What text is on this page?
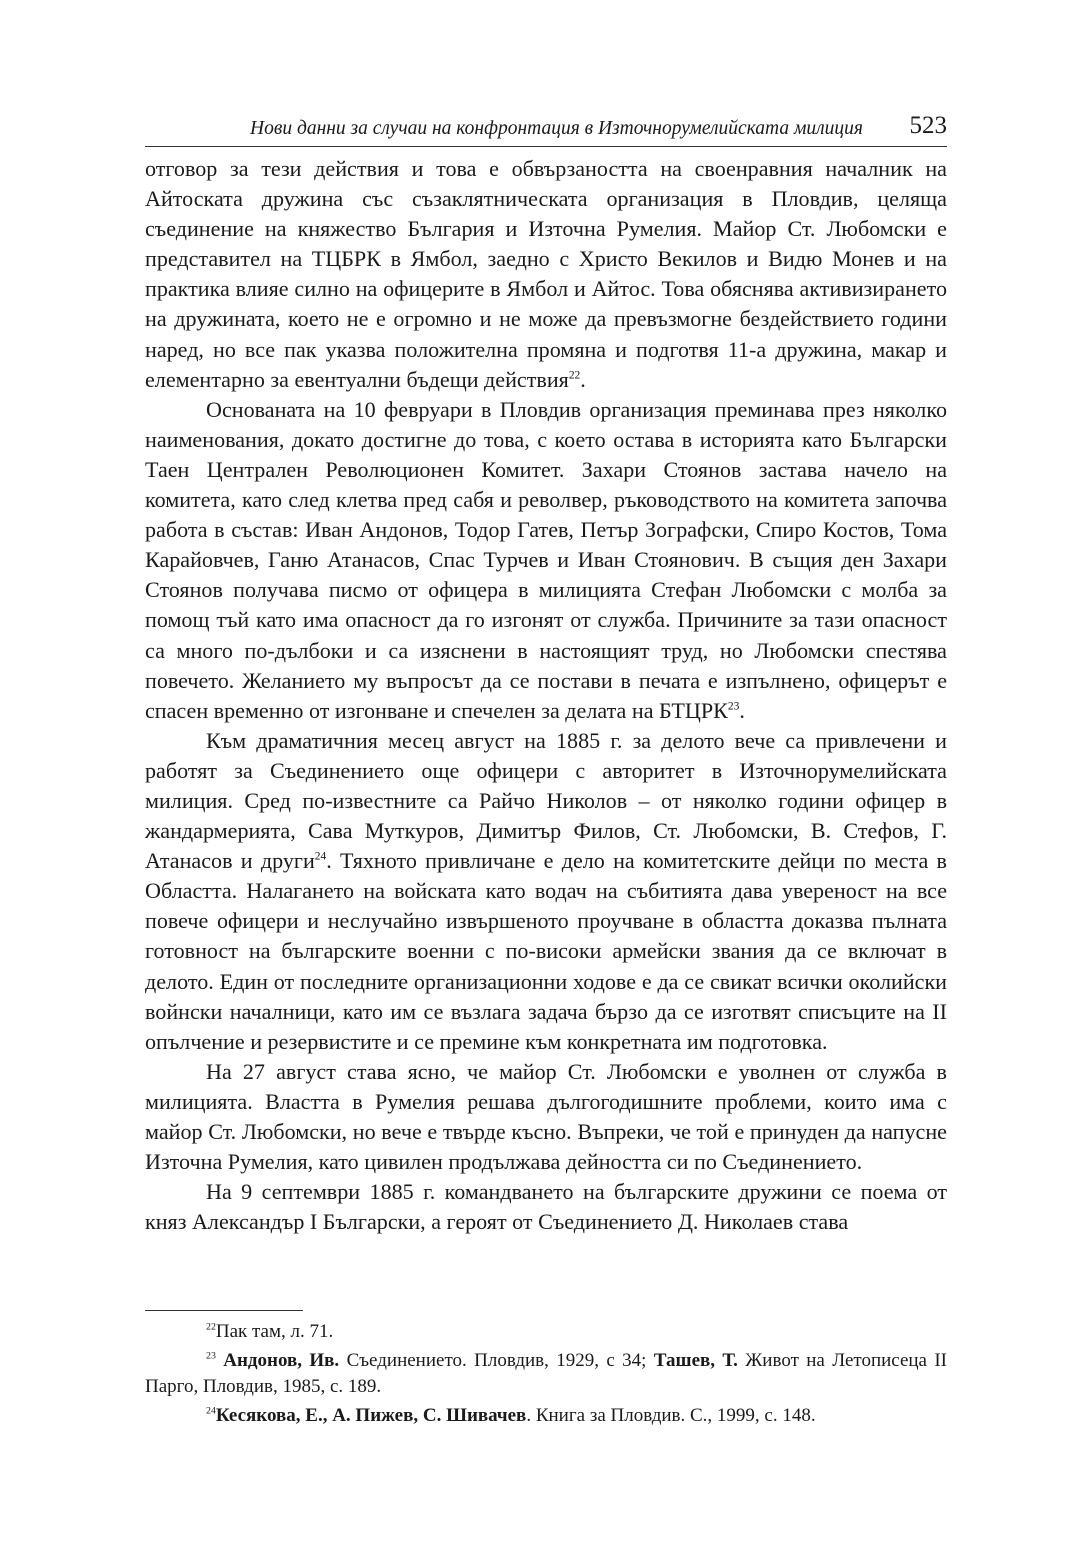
Нови данни за случаи на конфронтация в Източнорумелийската милиция 523

отговор за тези действия и това е обвързаността на своенравния началник на Айтоската дружина със съзаклятническата организация в Пловдив, целяща съединение на княжество България и Източна Румелия. Майор Ст. Любомски е представител на ТЦБРК в Ямбол, заедно с Христо Векилов и Видю Монев и на практика влияе силно на офицерите в Ямбол и Айтос. Това обяснява активизирането на дружината, което не е огромно и не може да превъзмогне бездействието години наред, но все пак указва положителна промяна и подготвя 11-а дружина, макар и елементарно за евентуални бъдещи действия$^{22}$.

Основаната на 10 февруари в Пловдив организация преминава през няколко наименования, докато достигне до това, с което остава в историята като Български Таен Централен Революционен Комитет. Захари Стоянов застава начело на комитета, като след клетва пред сабя и револвер, ръководството на комитета започва работа в състав: Иван Андонов, Тодор Гатев, Петър Зографски, Спиро Костов, Тома Карайовчев, Ганю Атанасов, Спас Турчев и Иван Стоянович. В същия ден Захари Стоянов получава писмо от офицера в милицията Стефан Любомски с молба за помощ тъй като има опасност да го изгонят от служба. Причините за тази опасност са много по-дълбоки и са изяснени в настоящият труд, но Любомски спестява повечето. Желанието му въпросът да се постави в печата е изпълнено, офицерът е спасен временно от изгонване и спечелен за делата на БТЦРК$^{23}$.

Към драматичния месец август на 1885 г. за делото вече са привлечени и работят за Съединението още офицери с авторитет в Източнорумелийската милиция. Сред по-известните са Райчо Николов – от няколко години офицер в жандармерията, Сава Муткуров, Димитър Филов, Ст. Любомски, В. Стефов, Г. Атанасов и други$^{24}$. Тяхното привличане е дело на комитетските дейци по места в Областта. Налагането на войската като водач на събитията дава увереност на все повече офицери и неслучайно извършеното проучване в областта доказва пълната готовност на българските военни с по-високи армейски звания да се включат в делото. Един от последните организационни ходове е да се свикат всички околийски войнски началници, като им се възлага задача бързо да се изготвят списъците на II опълчение и резервистите и се премине към конкретната им подготовка.

На 27 август става ясно, че майор Ст. Любомски е уволнен от служба в милицията. Властта в Румелия решава дългогодишните проблеми, които има с майор Ст. Любомски, но вече е твърде късно. Въпреки, че той е принуден да напусне Източна Румелия, като цивилен продължава дейността си по Съединението.

На 9 септември 1885 г. командването на българските дружини се поема от княз Александър I Български, а героят от Съединението Д. Николаев става

$^{22}$Пак там, л. 71.

$^{23}$ Андонов, Ив. Съединението. Пловдив, 1929, с 34; Ташев, Т. Живот на Летописеца II Парго, Пловдив, 1985, с. 189.

$^{24}$Кесякова, Е., А. Пижев, С. Шивачев. Книга за Пловдив. С., 1999, с. 148.
